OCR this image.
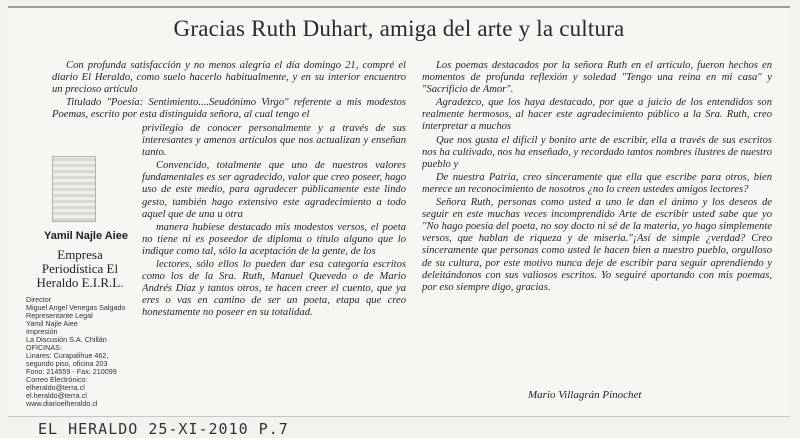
Gracias Ruth Duhart, amiga del arte y la cultura

Con profunda satisfacción y no menos alegría el día domingo 21, compré el diario El Heraldo, como suelo hacerlo habitualmente, y en su interior encuentro un precioso artículo

Titulado "Poesía: Sentimiento....Seudónimo Virgo" referente a mis modestos Poemas, escrito por esta distinguida señora, al cual tengo el

privilegio de conocer personalmente y a través de sus interesantes y amenos artículos que nos actualizan y enseñan tanto.

Convencido, totalmente que uno de nuestros valores fundamentales es ser agradecido, valor que creo poseer, hago uso de este medio, para agradecer públicamente este lindo gesto, también hago extensivo este agradecimiento a todo aquel que de una u otra

manera hubiese destacado mis modestos versos, el poeta no tiene ni es poseedor de diploma o título alguno que lo indique como tal, sólo la aceptación de la gente, de los

lectores, sólo ellos lo pueden dar esa categoría escritos como los de la Sra. Ruth, Manuel Quevedo o de Mario Andrés Díaz y tantos otros, te hacen creer el cuento, que ya eres o vas en camino de ser un poeta, etapa que creo honestamente no poseer en su totalidad.

Los poemas destacados por la señora Ruth en el artículo, fueron hechos en momentos de profunda reflexión y soledad "Tengo una reina en mi casa" y "Sacrificio de Amor".

Agradezco, que los haya destacado, por que a juicio de los entendidos son realmente hermosos, al hacer este agradecimiento público a la Sra. Ruth, creo interpretar a muchos

Que nos gusta el difícil y bonito arte de escribir, ella a través de sus escritos nos ha cultivado, nos ha enseñado, y recordado tantos nombres ilustres de nuestro pueblo y

De nuestra Patria, creo sinceramente que ella que escribe para otros, bien merece un reconocimiento de nosotros ¿no lo creen ustedes amigos lectores?

Señora Ruth, personas como usted a uno le dan el ánimo y los deseos de seguir en este muchas veces incomprendido Arte de escribir usted sabe que yo "No hago poesía del poeta, no soy docto ni sé de la materia, yo hago simplemente versos, que hablan de riqueza y de miseria."¡Así de simple ¿verdad? Creo sinceramente que personas como usted le hacen bien a nuestro pueblo, orgulloso de su cultura, por este motivo nunca deje de escribir para seguir aprendiendo y deleitándonos con sus valiosos escritos. Yo seguiré aportando con mis poemas, por eso siempre digo, gracias.

Mario Villagrán Pinochet
Yamil Najle Aiee
Empresa Periodística El Heraldo E.I.R.L.
Director
Miguel Angel Venegas Salgado
Representante Legal
Yamil Najle Aiee
Impresión
La Discusión S.A. Chillán
OFICINAS:
Linares: Curapalihue 462,
segundo piso, oficina 203
Fono: 214559 - Fax: 210099
Correo Electrónico:
elheraldo@terra.cl
el.heraldo@terra.cl
www.diarioelheraldo.cl
EL HERALDO 25-XI-2010 P.7
